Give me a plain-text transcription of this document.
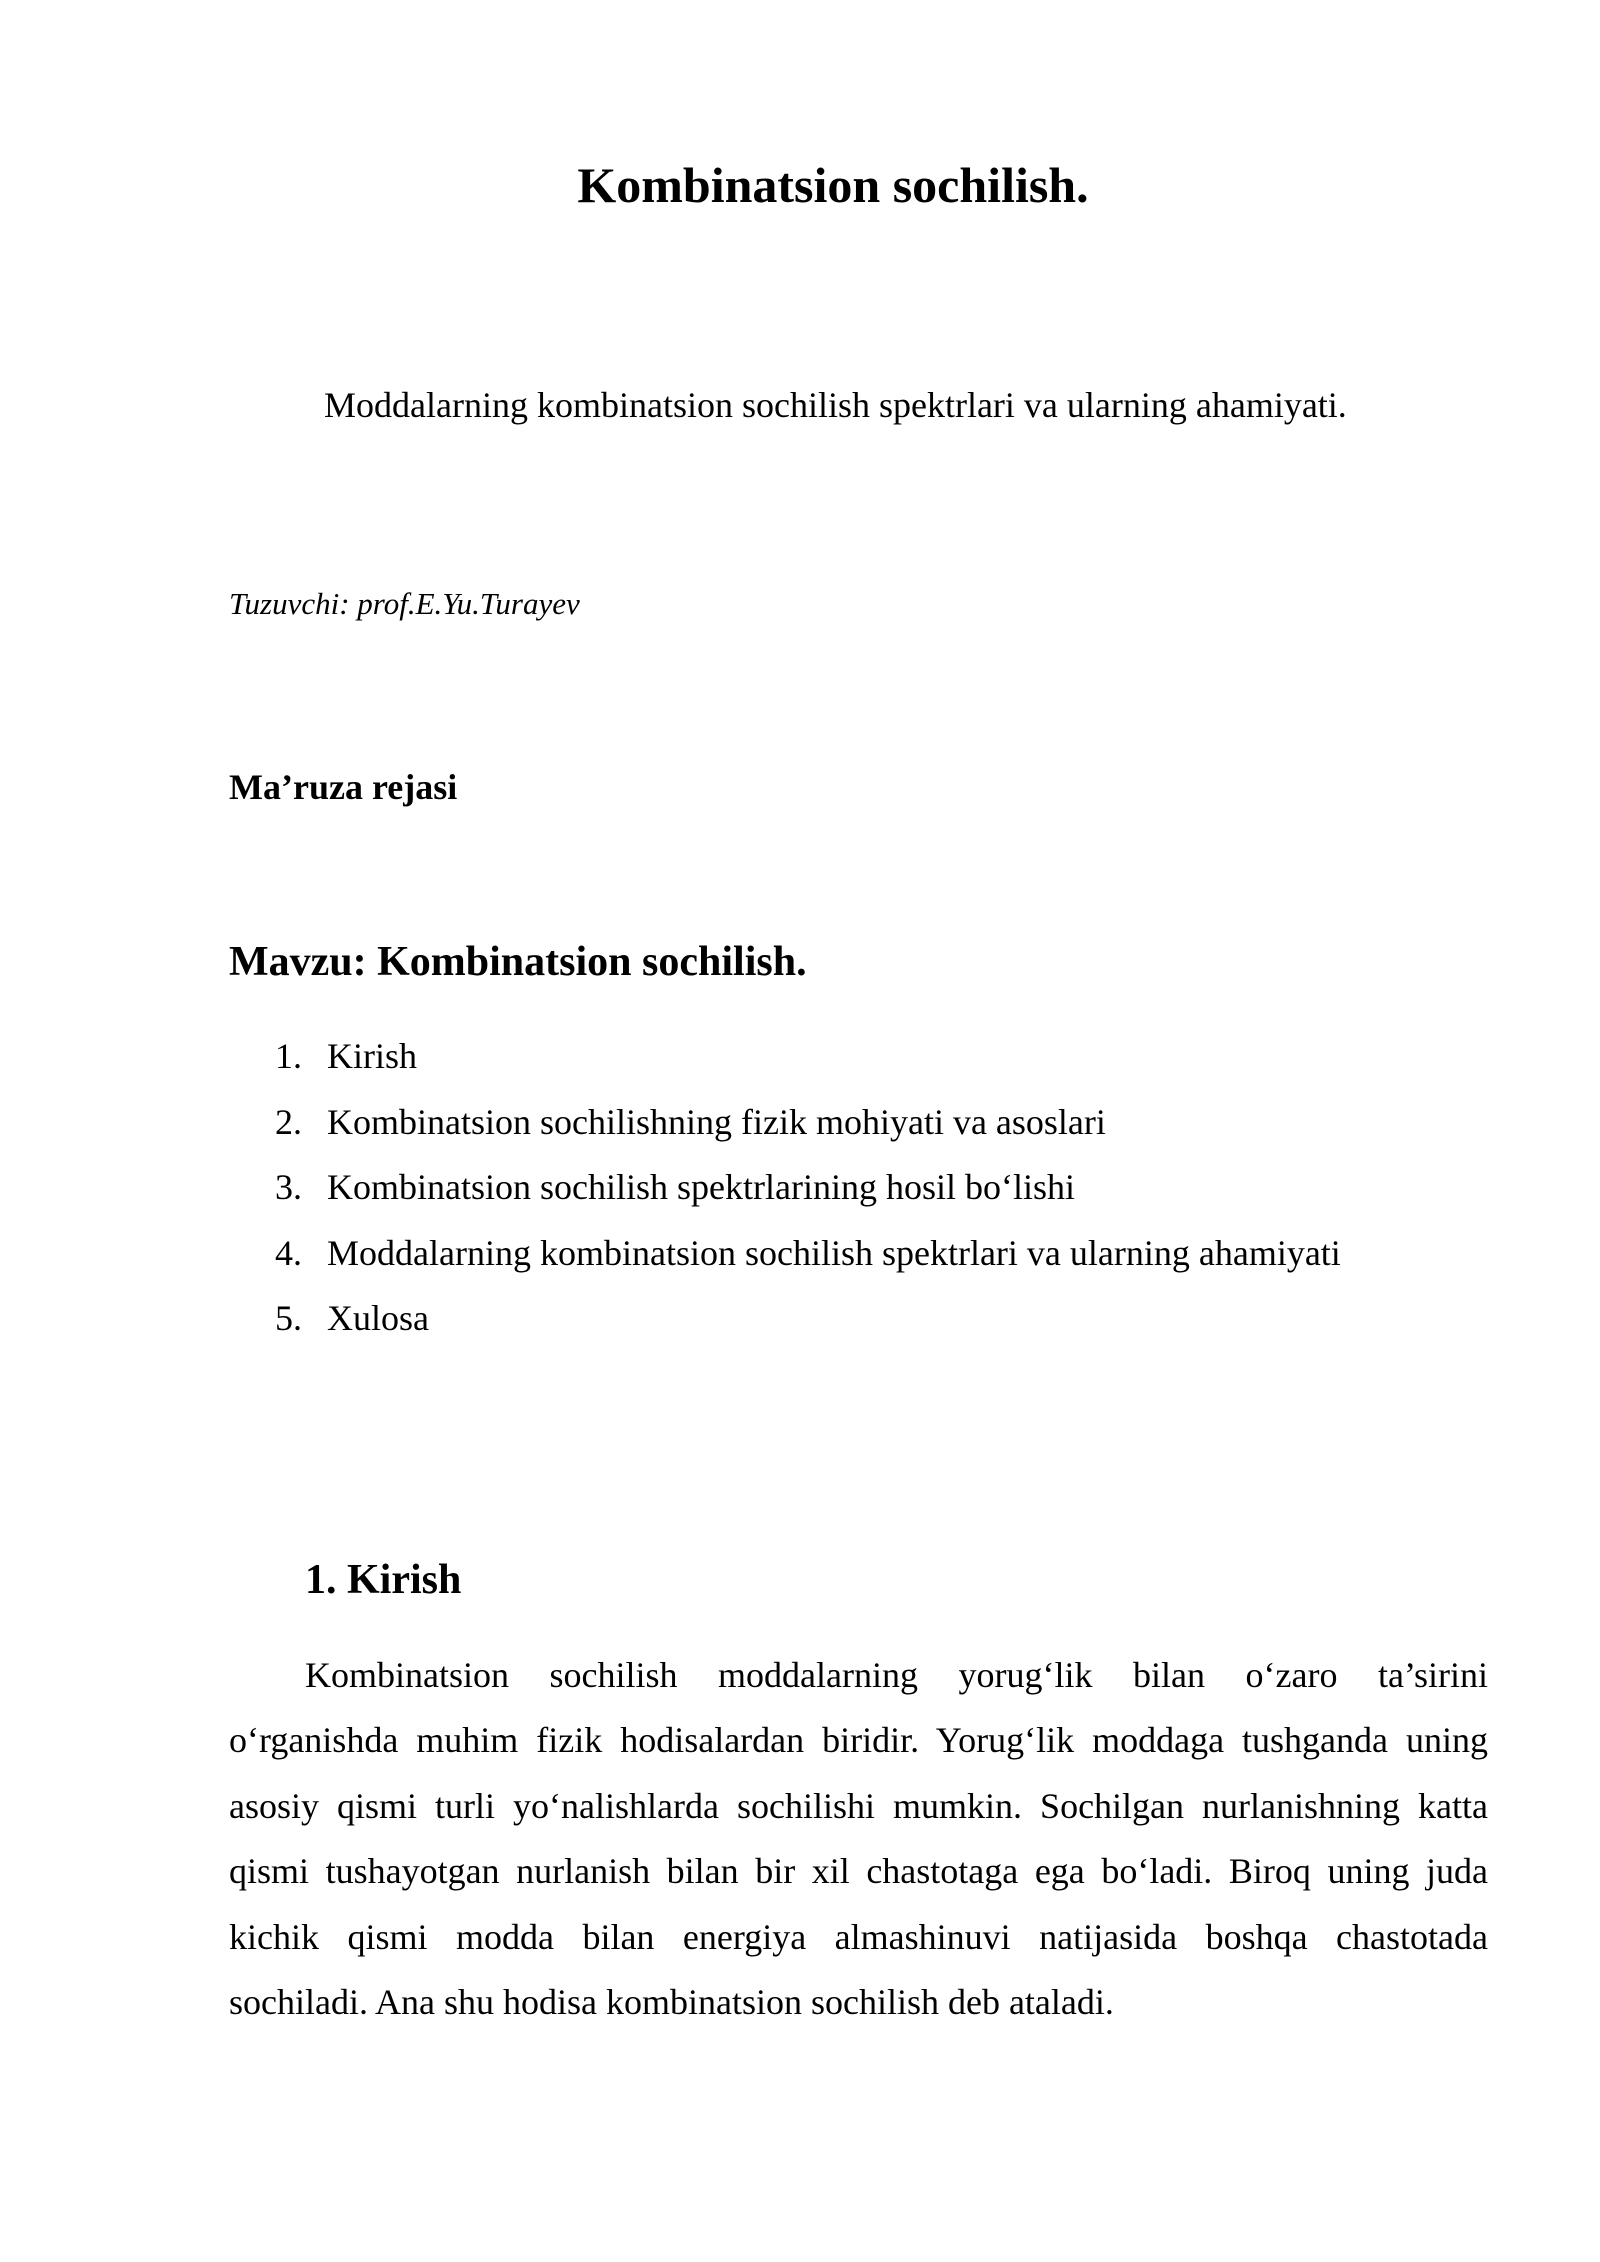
Kombinatsion sochilish.
Moddalarning kombinatsion sochilish spektrlari va ularning ahamiyati.
Tuzuvchi: prof.E.Yu.Turayev
Ma’ruza rejasi
Mavzu: Kombinatsion sochilish.
1. Kirish
2. Kombinatsion sochilishning fizik mohiyati va asoslari
3. Kombinatsion sochilish spektrlarining hosil bo‘lishi
4. Moddalarning kombinatsion sochilish spektrlari va ularning ahamiyati
5. Xulosa
1. Kirish
Kombinatsion sochilish moddalarning yorug‘lik bilan o‘zaro ta’sirini
o‘rganishda muhim fizik hodisalardan biridir. Yorug‘lik moddaga tushganda uning
asosiy qismi turli yo‘nalishlarda sochilishi mumkin. Sochilgan nurlanishning katta
qismi tushayotgan nurlanish bilan bir xil chastotaga ega bo‘ladi. Biroq uning juda
kichik qismi modda bilan energiya almashinuvi natijasida boshqa chastotada
sochiladi. Ana shu hodisa kombinatsion sochilish deb ataladi.
